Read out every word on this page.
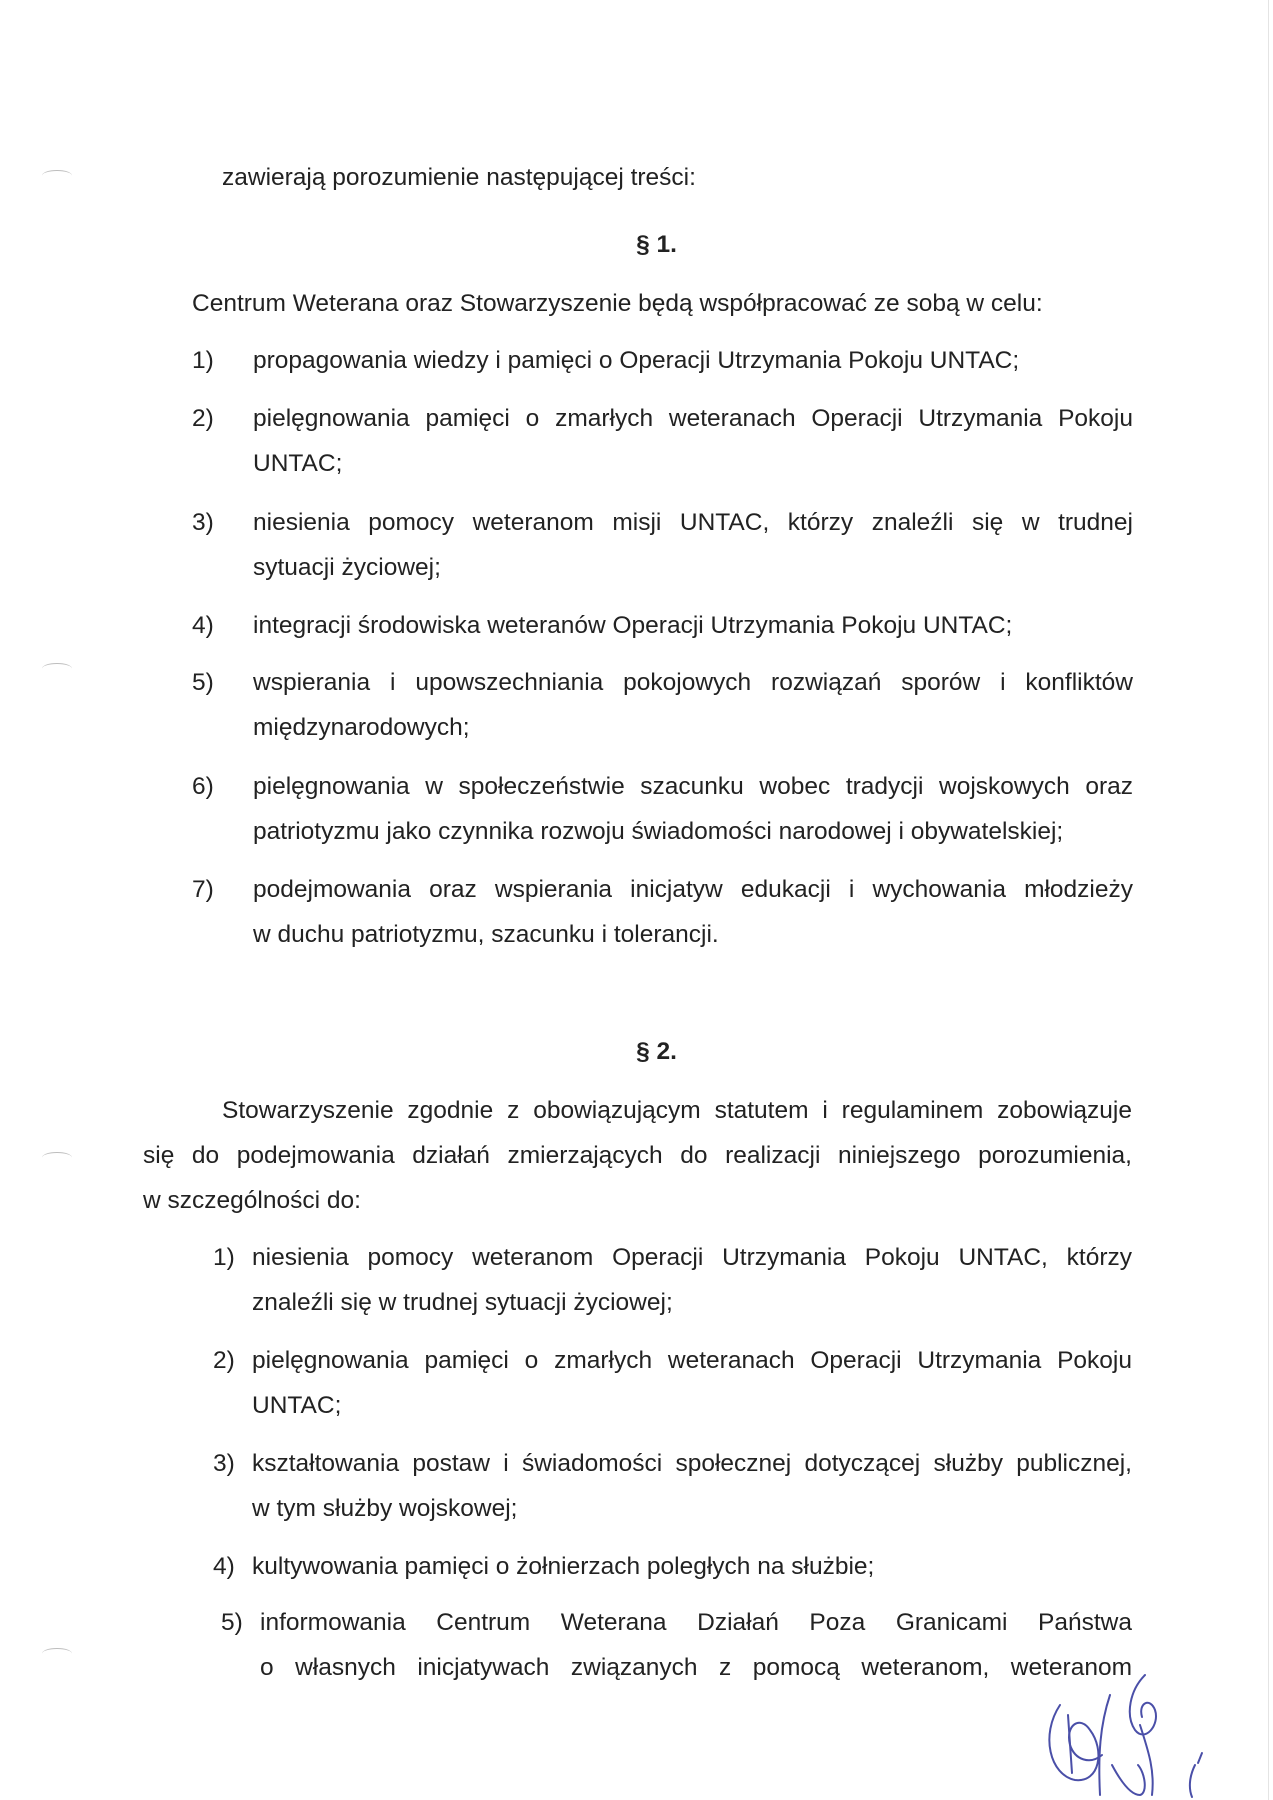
zawierają porozumienie następującej treści:
§ 1.
Centrum Weterana oraz Stowarzyszenie będą współpracować ze sobą w celu:
1) propagowania wiedzy i pamięci o Operacji Utrzymania Pokoju UNTAC;
2) pielęgnowania pamięci o zmarłych weteranach Operacji Utrzymania Pokoju
UNTAC;
3) niesienia pomocy weteranom misji UNTAC, którzy znaleźli się w trudnej
sytuacji życiowej;
4) integracji środowiska weteranów Operacji Utrzymania Pokoju UNTAC;
5) wspierania i upowszechniania pokojowych rozwiązań sporów i konfliktów
międzynarodowych;
6) pielęgnowania w społeczeństwie szacunku wobec tradycji wojskowych oraz
patriotyzmu jako czynnika rozwoju świadomości narodowej i obywatelskiej;
7) podejmowania oraz wspierania inicjatyw edukacji i wychowania młodzieży
w duchu patriotyzmu, szacunku i tolerancji.
§ 2.
Stowarzyszenie zgodnie z obowiązującym statutem i regulaminem zobowiązuje
się do podejmowania działań zmierzających do realizacji niniejszego porozumienia,
w szczególności do:
1) niesienia pomocy weteranom Operacji Utrzymania Pokoju UNTAC, którzy
znaleźli się w trudnej sytuacji życiowej;
2) pielęgnowania pamięci o zmarłych weteranach Operacji Utrzymania Pokoju
UNTAC;
3) kształtowania postaw i świadomości społecznej dotyczącej służby publicznej,
w tym służby wojskowej;
4) kultywowania pamięci o żołnierzach poległych na służbie;
5) informowania Centrum Weterana Działań Poza Granicami Państwa
o własnych inicjatywach związanych z pomocą weteranom, weteranom
